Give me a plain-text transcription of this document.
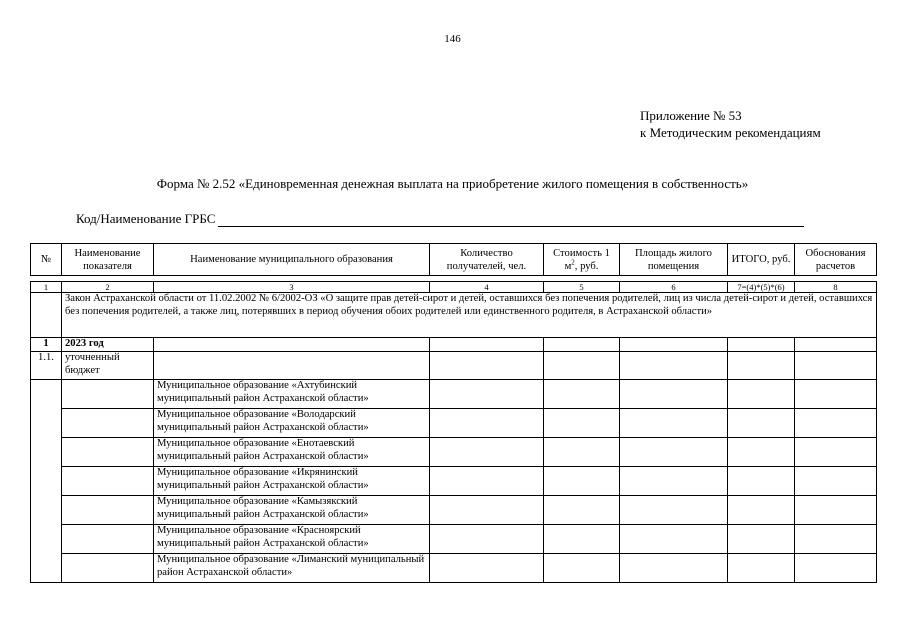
146
Приложение № 53
к Методическим рекомендациям
Форма № 2.52 «Единовременная денежная выплата на приобретение жилого помещения в собственность»
Код/Наименование ГРБС
№	Наименование показателя	Наименование муниципального образования	Количество получателей, чел.	Стоимость 1 $м^2$, руб.	Площадь жилого помещения	ИТОГО, руб.	Обоснования расчетов

1	2	3	4	5	6	7=(4)*(5)*(6)	8
	Закон Астраханской области от 11.02.2002 № 6/2002-ОЗ «О защите прав детей-сирот и детей, оставшихся без попечения родителей, лиц из числа детей-сирот и детей, оставшихся без попечения родителей, а также лиц, потерявших в период обучения обоих родителей или единственного родителя, в Астраханской области»						
1	2023 год						
1.1.	уточненный бюджет						
		Муниципальное образование «Ахтубинский муниципальный район Астраханской области»					
		Муниципальное образование «Володарский муниципальный район Астраханской области»					
		Муниципальное образование «Енотаевский муниципальный район Астраханской области»					
		Муниципальное образование «Икрянинский муниципальный район Астраханской области»					
		Муниципальное образование «Камызякский муниципальный район Астраханской области»					
		Муниципальное образование «Красноярский муниципальный район Астраханской области»					
		Муниципальное образование «Лиманский муниципальный район Астраханской области»					
